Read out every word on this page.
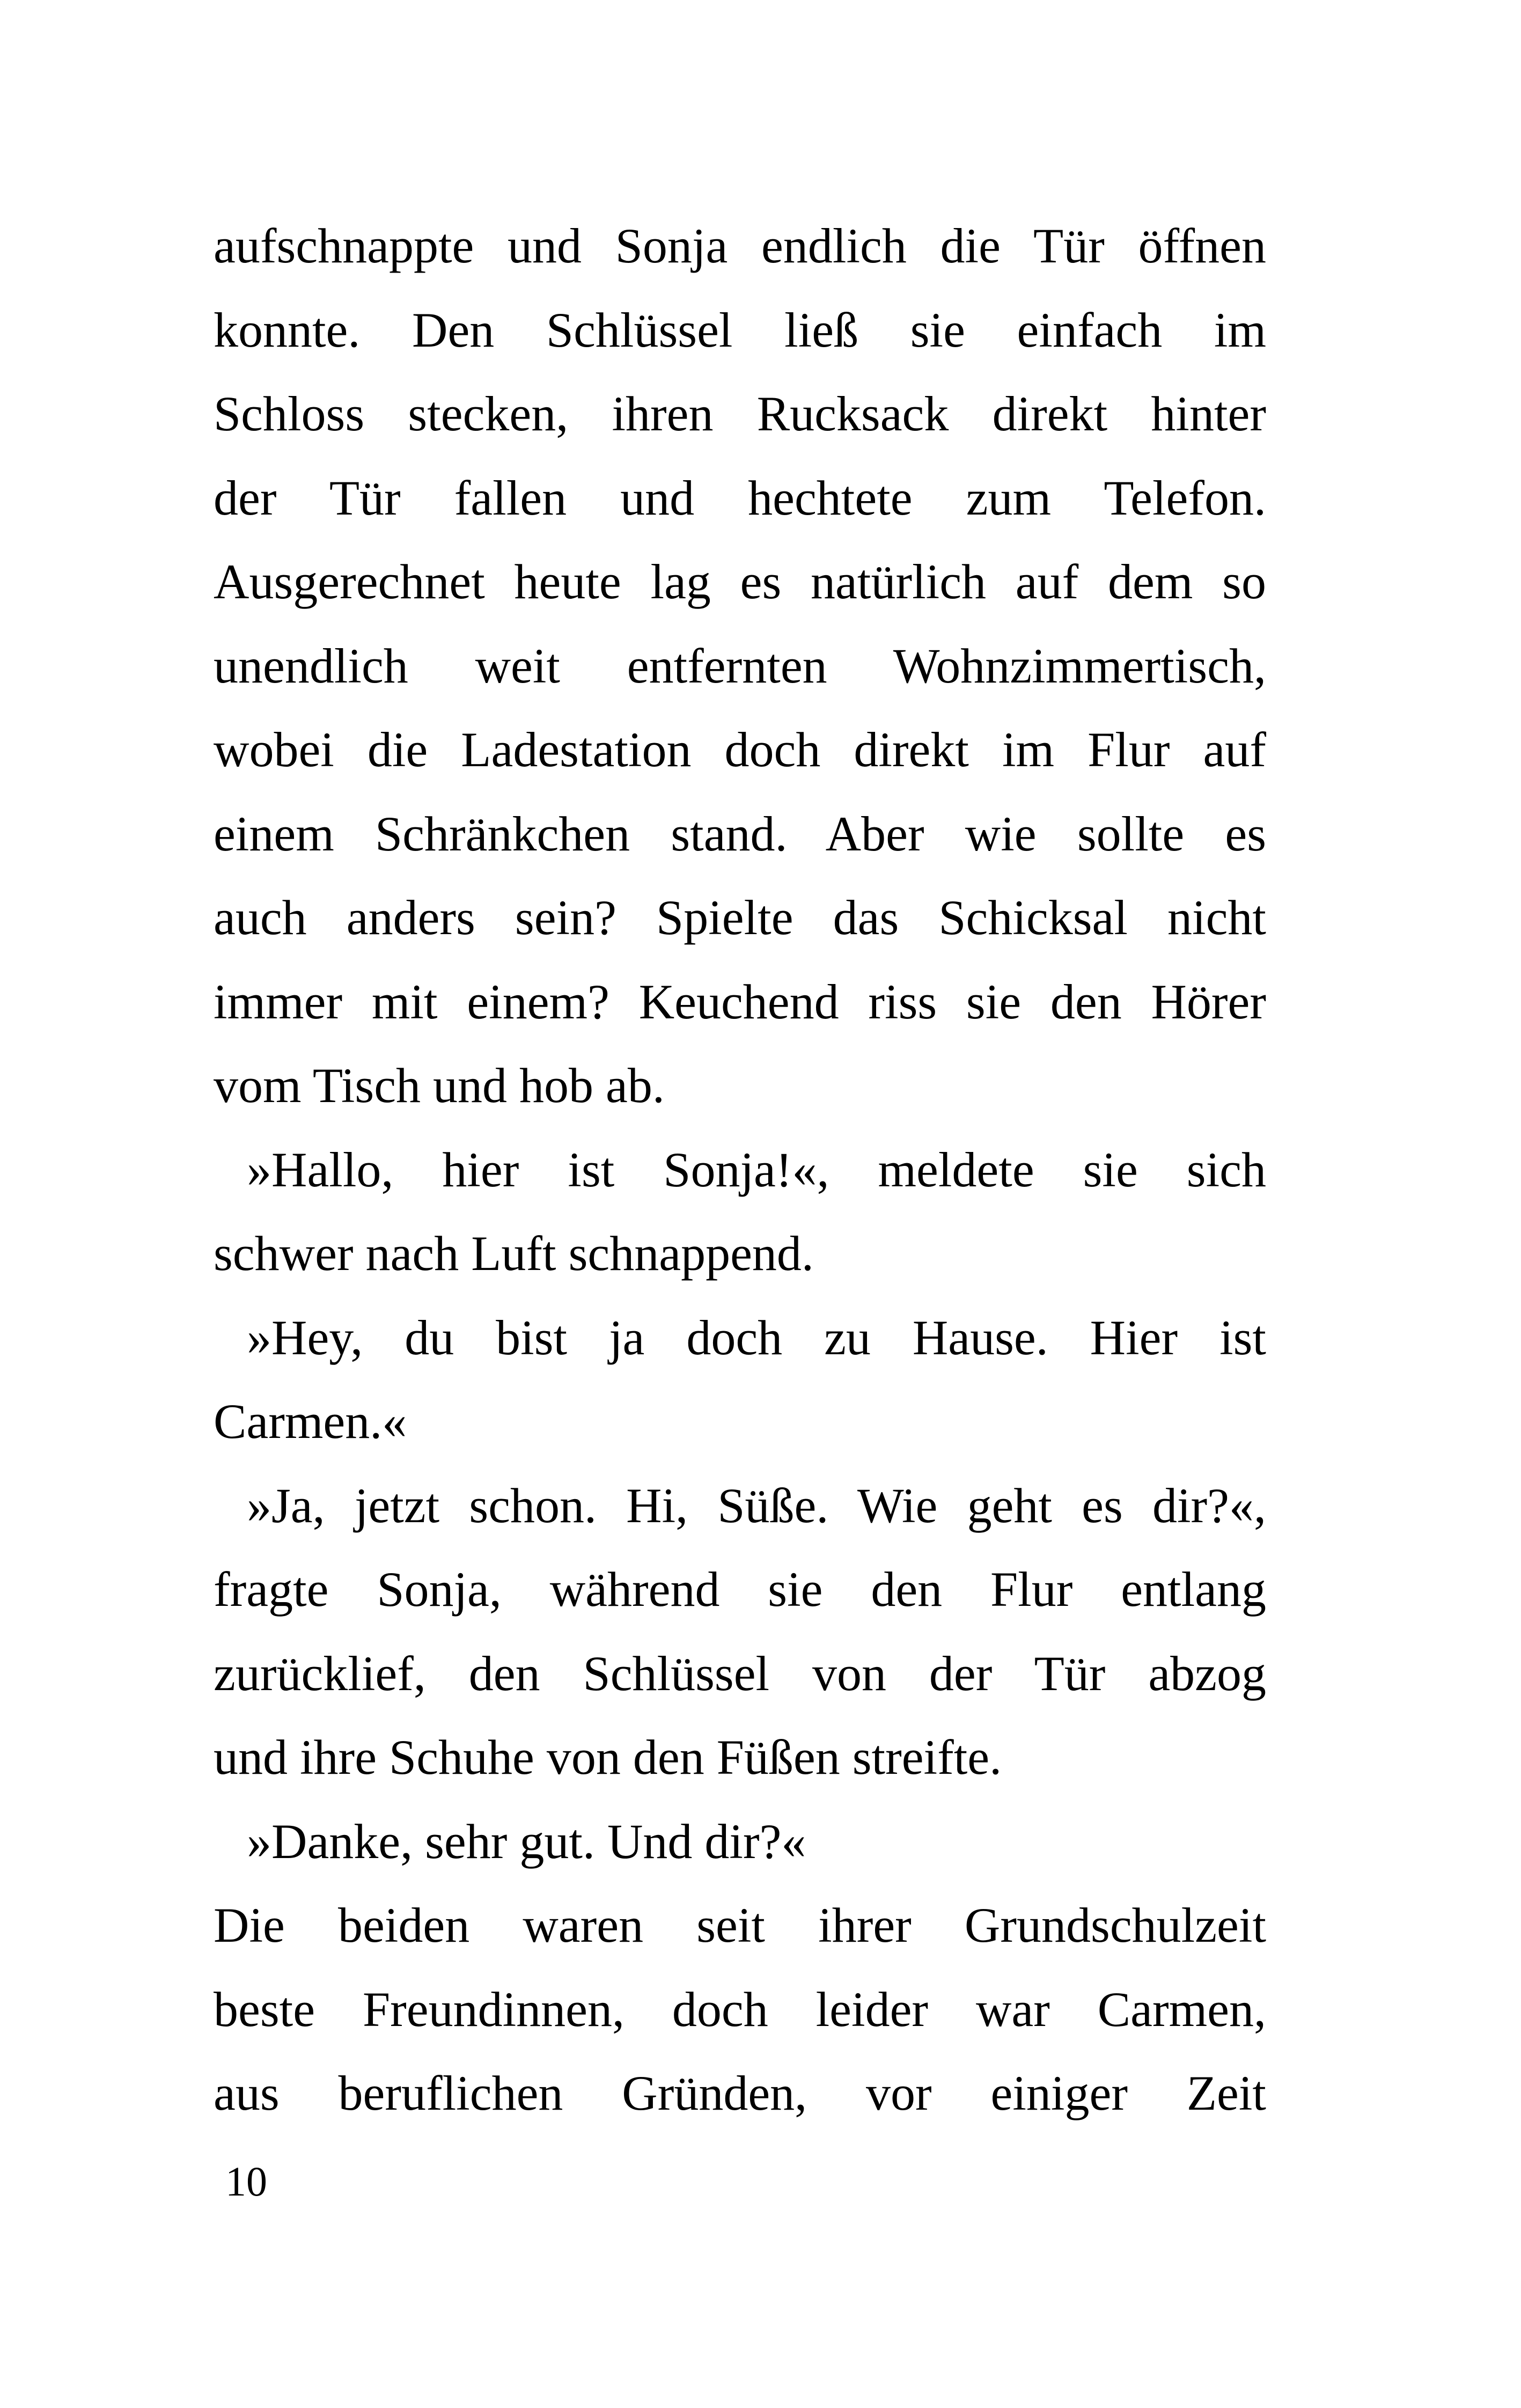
aufschnappte und Sonja endlich die Tür öffnen
konnte. Den Schlüssel ließ sie einfach im
Schloss stecken, ihren Rucksack direkt hinter
der Tür fallen und hechtete zum Telefon.
Ausgerechnet heute lag es natürlich auf dem so
unendlich weit entfernten Wohnzimmertisch,
wobei die Ladestation doch direkt im Flur auf
einem Schränkchen stand. Aber wie sollte es
auch anders sein? Spielte das Schicksal nicht
immer mit einem? Keuchend riss sie den Hörer
vom Tisch und hob ab.
»Hallo, hier ist Sonja!«, meldete sie sich
schwer nach Luft schnappend.
»Hey, du bist ja doch zu Hause. Hier ist
Carmen.«
»Ja, jetzt schon. Hi, Süße. Wie geht es dir?«,
fragte Sonja, während sie den Flur entlang
zurücklief, den Schlüssel von der Tür abzog
und ihre Schuhe von den Füßen streifte.
»Danke, sehr gut. Und dir?«
Die beiden waren seit ihrer Grundschulzeit
beste Freundinnen, doch leider war Carmen,
aus beruflichen Gründen, vor einiger Zeit
10
